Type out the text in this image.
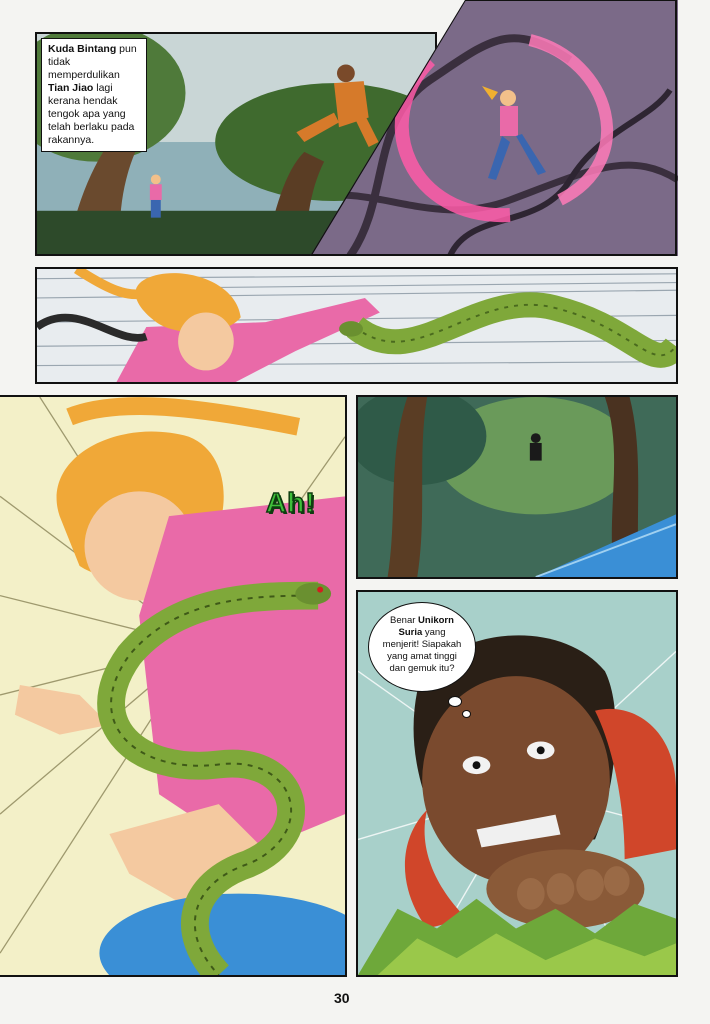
Kuda Bintang pun tidak memperdulikan Tian Jiao lagi kerana hendak tengok apa yang telah berlaku pada rakannya.
Ah!
Benar Unikorn Suria yang menjerit! Siapakah yang amat tinggi dan gemuk itu?
30
